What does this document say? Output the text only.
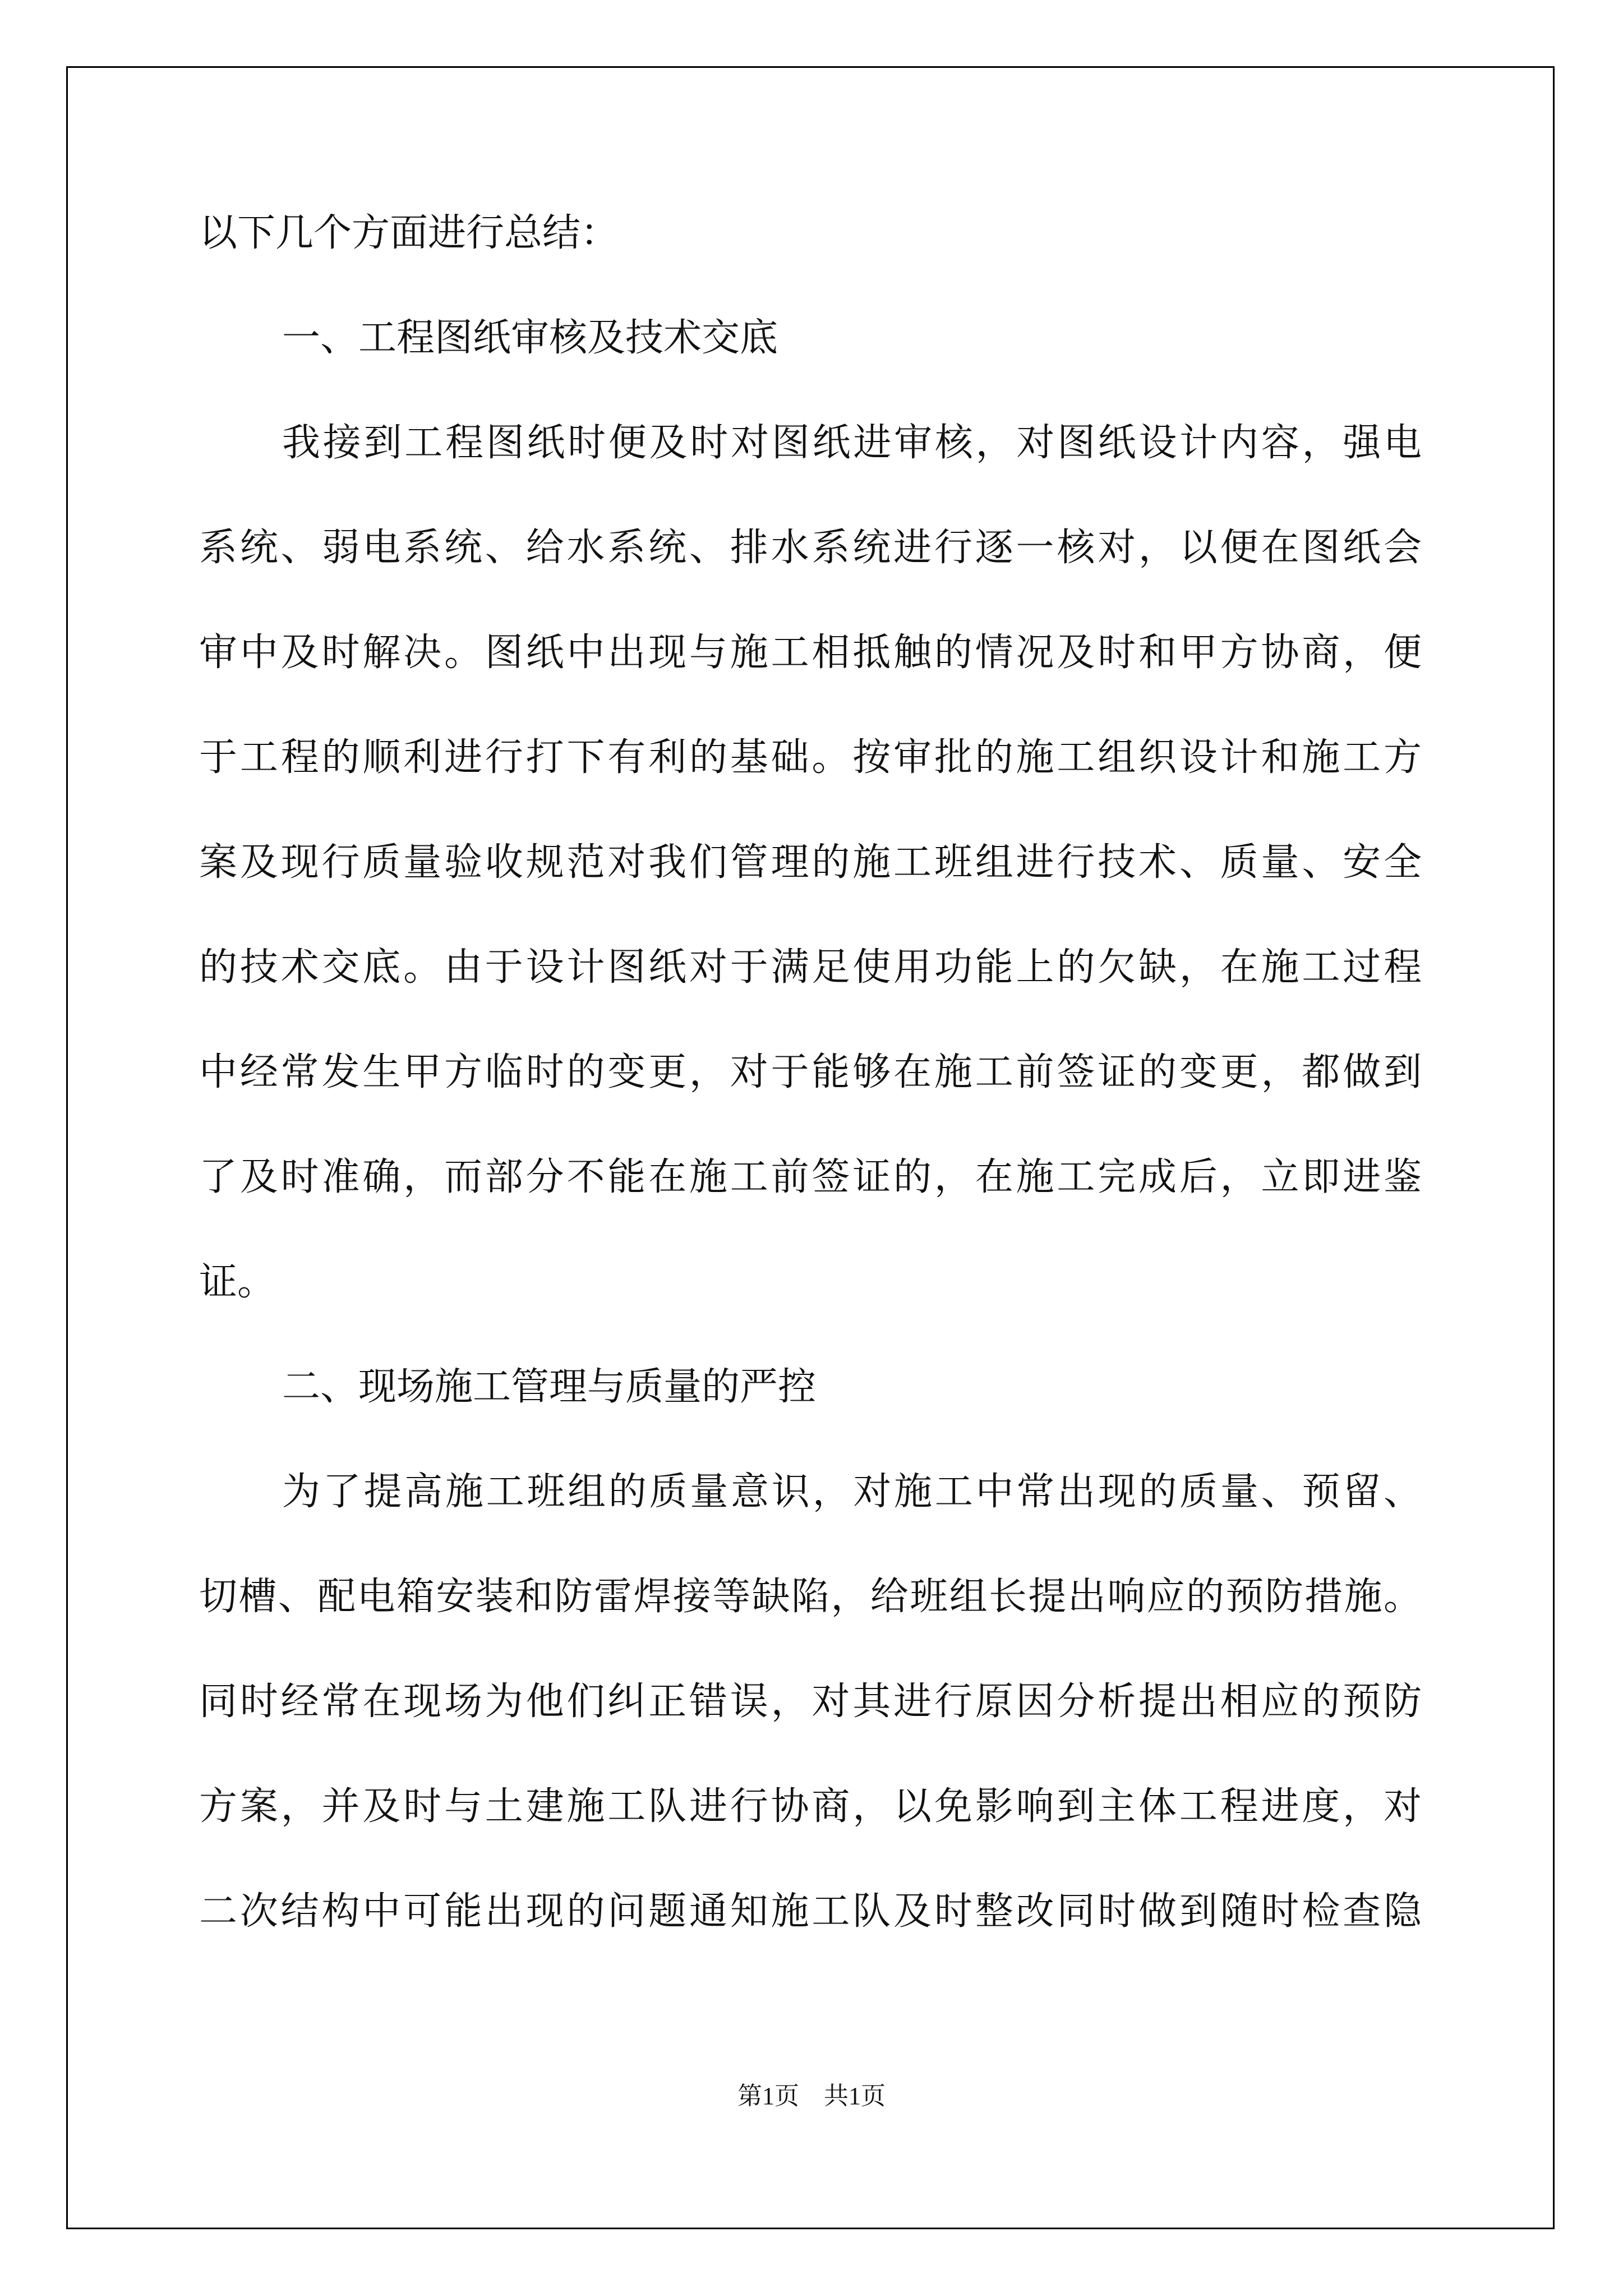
以下几个方面进行总结：
一、工程图纸审核及技术交底
我接到工程图纸时便及时对图纸进审核，对图纸设计内容，强电
系统、弱电系统、给水系统、排水系统进行逐一核对，以便在图纸会
审中及时解决。图纸中出现与施工相抵触的情况及时和甲方协商，便
于工程的顺利进行打下有利的基础。按审批的施工组织设计和施工方
案及现行质量验收规范对我们管理的施工班组进行技术、质量、安全
的技术交底。由于设计图纸对于满足使用功能上的欠缺，在施工过程
中经常发生甲方临时的变更，对于能够在施工前签证的变更，都做到
了及时准确，而部分不能在施工前签证的，在施工完成后，立即进鉴
证。
二、现场施工管理与质量的严控
为了提高施工班组的质量意识，对施工中常出现的质量、预留、
切槽、配电箱安装和防雷焊接等缺陷，给班组长提出响应的预防措施。
同时经常在现场为他们纠正错误，对其进行原因分析提出相应的预防
方案，并及时与土建施工队进行协商，以免影响到主体工程进度，对
二次结构中可能出现的问题通知施工队及时整改同时做到随时检查隐
第1页　共1页
